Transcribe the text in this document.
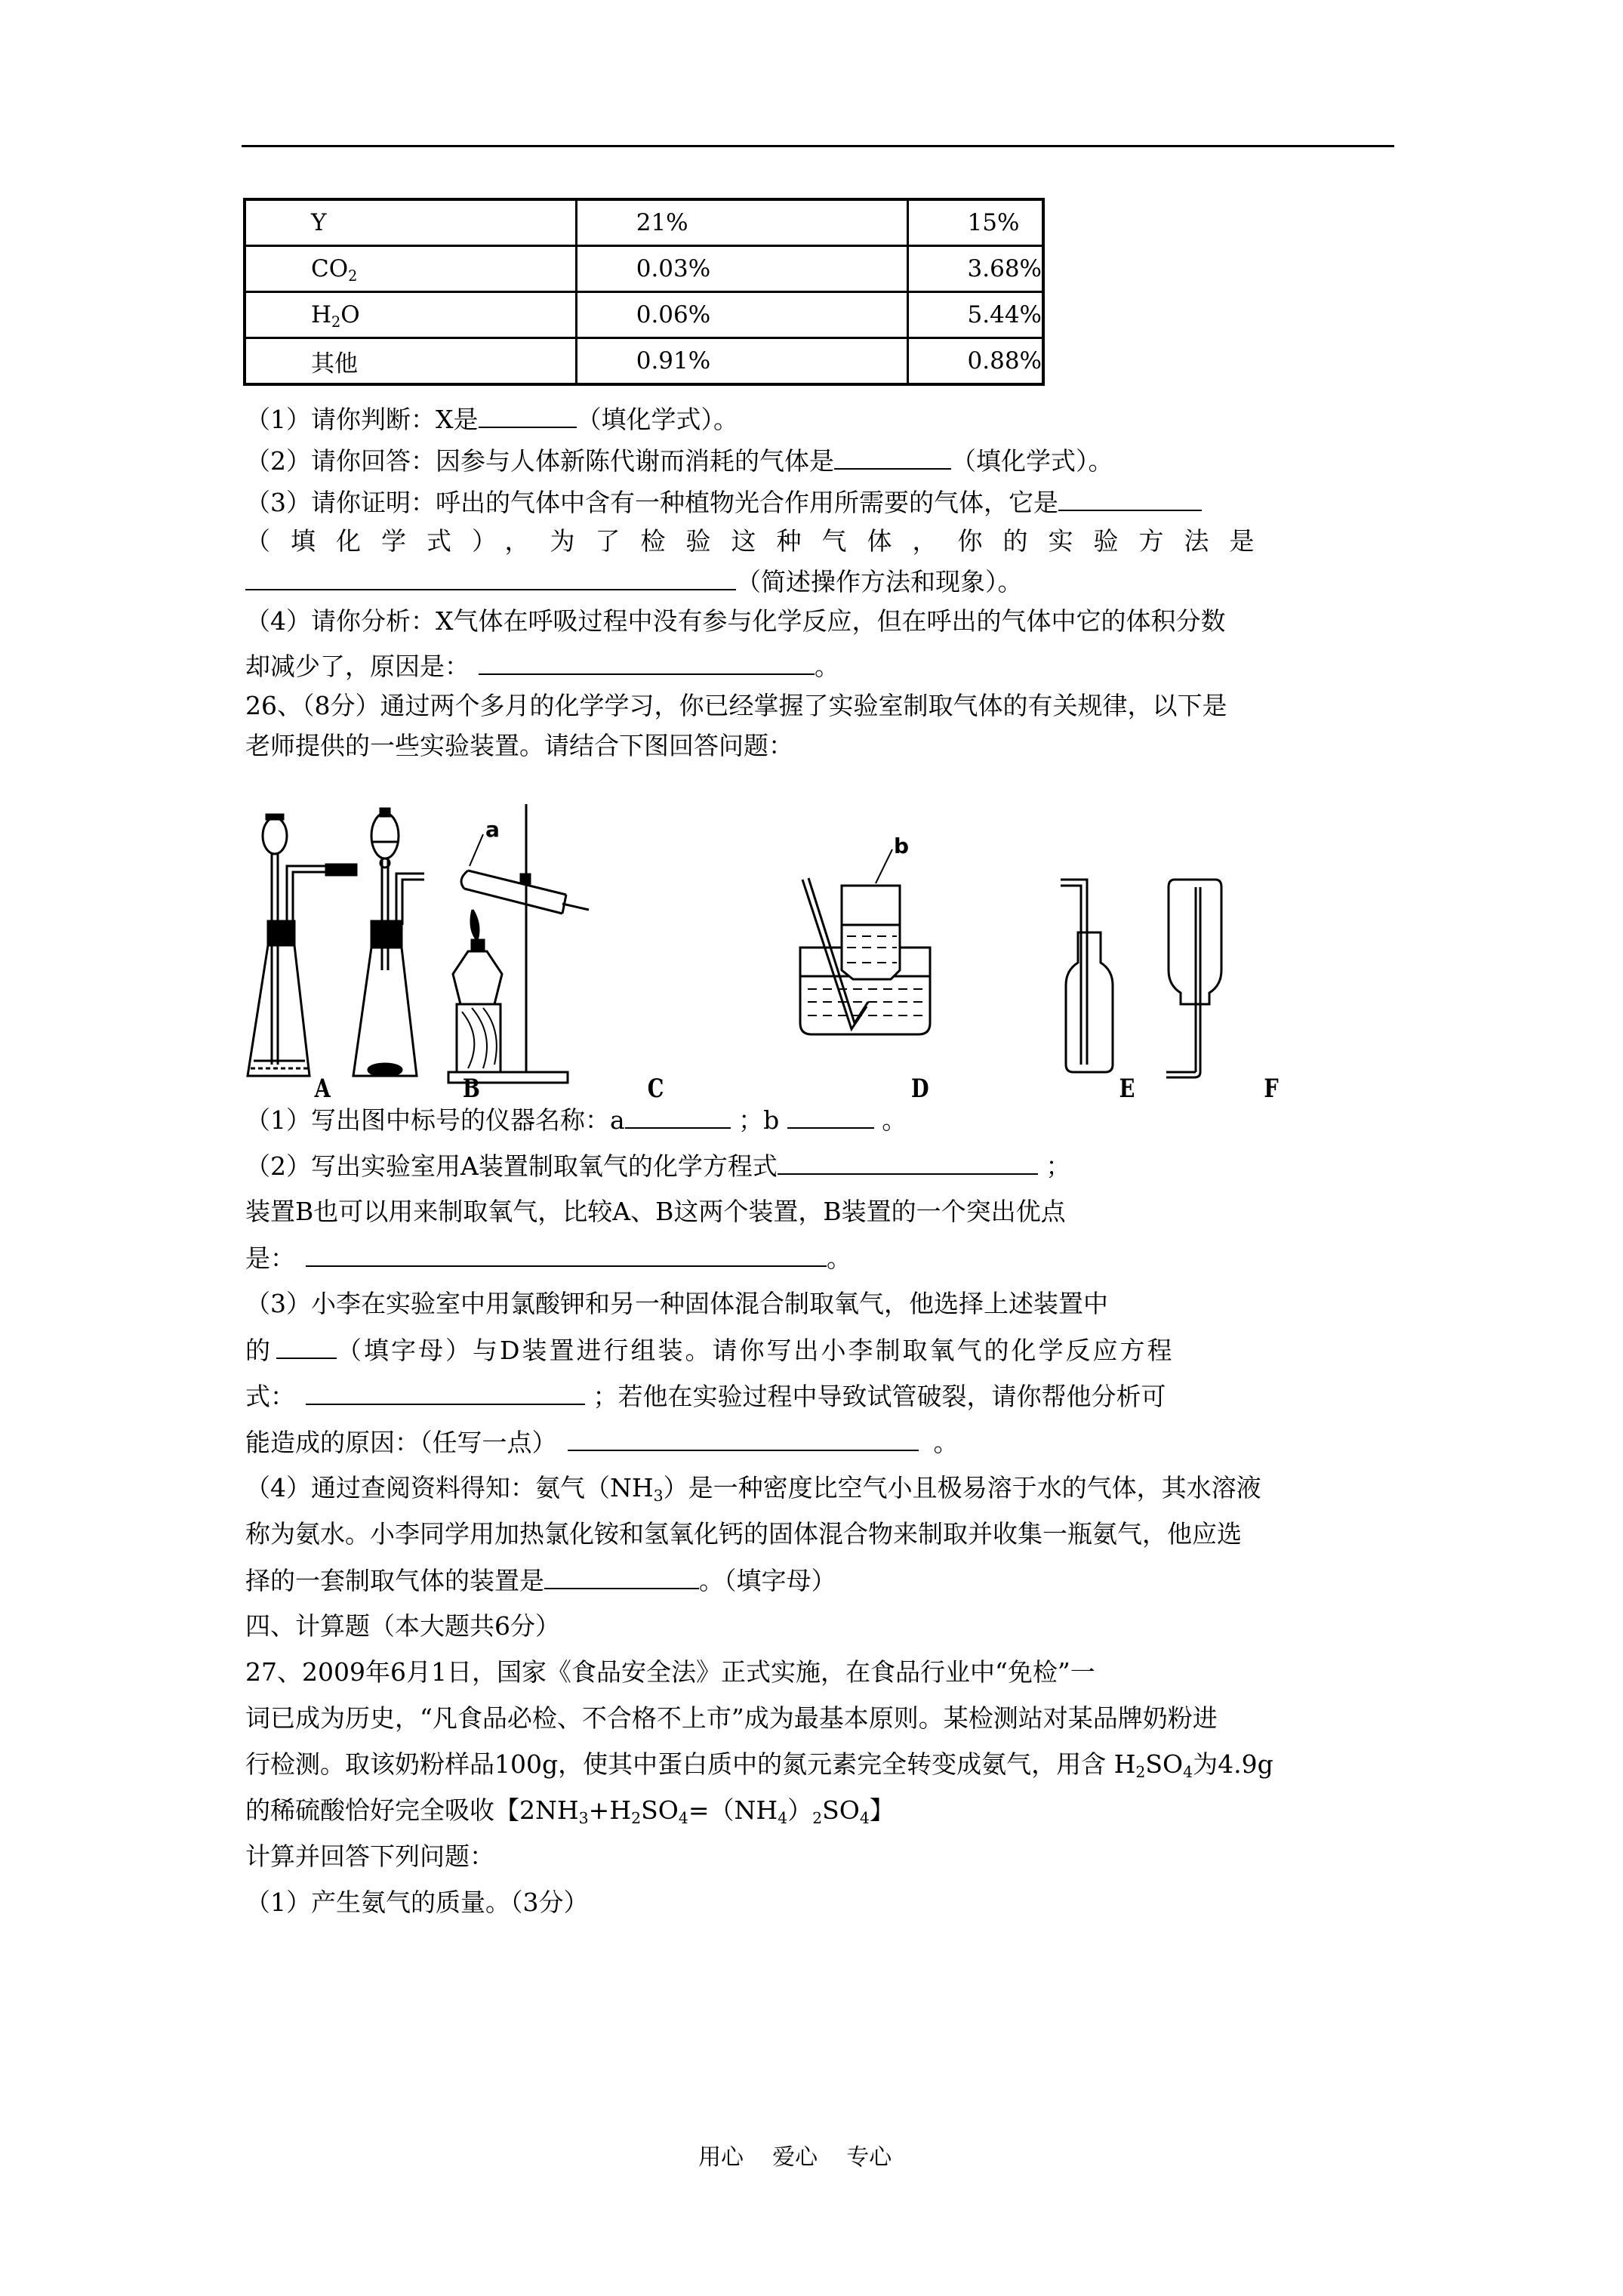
Y	21%	15%
$CO_2$	0.03%	3.68%
$H_2O$	0.06%	5.44%
其他	0.91%	0.88%
（1）请你判断：X是	（填化学式）。
（2）请你回答：因参与人体新陈代谢而消耗的气体是	（填化学式）。
（3）请你证明：呼出的气体中含有一种植物光合作用所需要的气体，它是
（填化学式），为了检验这种气体，你的实验方法是
（简述操作方法和现象）。
（4）请你分析：X气体在呼吸过程中没有参与化学反应，但在呼出的气体中它的体积分数
却减少了，原因是：	。
26、（8分）通过两个多月的化学学习，你已经掌握了实验室制取气体的有关规律，以下是
老师提供的一些实验装置。请结合下图回答问题：
a
b
A	B	C	D	E	F
（1）写出图中标号的仪器名称：a	；b	。
（2）写出实验室用A装置制取氧气的化学方程式	；
装置B也可以用来制取氧气，比较A、B这两个装置，B装置的一个突出优点
是：	。
（3）小李在实验室中用氯酸钾和另一种固体混合制取氧气，他选择上述装置中
的	（填字母）与D装置进行组装。请你写出小李制取氧气的化学反应方程
式：	；若他在实验过程中导致试管破裂，请你帮他分析可
能造成的原因：（任写一点）	。
（4）通过查阅资料得知：氨气$(NH_3)$是一种密度比空气小且极易溶于水的气体，其水溶液
称为氨水。小李同学用加热氯化铵和氢氧化钙的固体混合物来制取并收集一瓶氨气，他应选
择的一套制取气体的装置是	。（填字母）
四、计算题（本大题共6分）
27、2009年6月1日，国家《食品安全法》正式实施，在食品行业中“免检”一
词已成为历史，“凡食品必检、不合格不上市”成为最基本原则。某检测站对某品牌奶粉进
行检测。取该奶粉样品100g，使其中蛋白质中的氮元素完全转变成氨气，用含 $H_2SO_4$为4.9g
的稀硫酸恰好完全吸收【$2NH_3+H_2SO_4=(NH_4)_2SO_4$】
计算并回答下列问题：
（1）产生氨气的质量。（3分）
用心    爱心    专心
